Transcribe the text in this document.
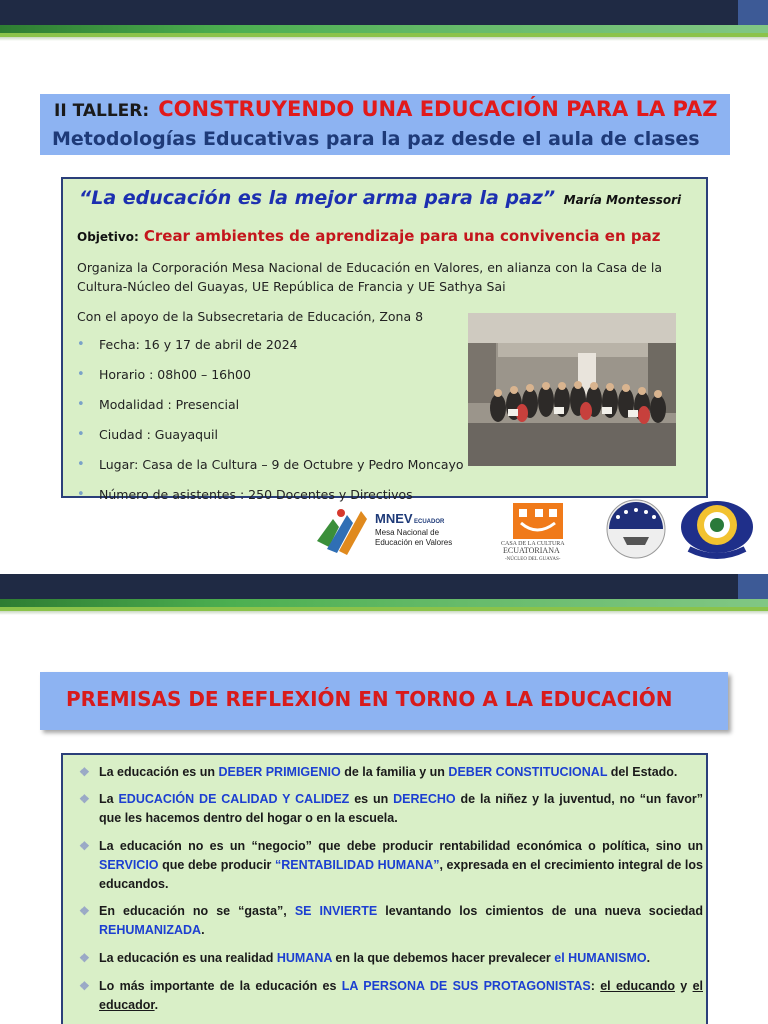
II TALLER: CONSTRUYENDO UNA EDUCACIÓN PARA LA PAZ
Metodologías Educativas para la paz desde el aula de clases
“La educación es la mejor arma para la paz” María Montessori
Objetivo: Crear ambientes de aprendizaje para una convivencia en paz
Organiza la Corporación Mesa Nacional de Educación en Valores, en alianza con la Casa de la Cultura-Núcleo del Guayas, UE República de Francia y UE Sathya Sai
Con el apoyo de la Subsecretaria de Educación, Zona 8
• Fecha: 16 y 17 de abril de 2024
• Horario : 08h00 – 16h00
• Modalidad : Presencial
• Ciudad : Guayaquil
• Lugar: Casa de la Cultura – 9 de Octubre y Pedro Moncayo
• Número de asistentes : 250 Docentes y Directivos
MNEV ECUADOR
Mesa Nacional de
Educación en Valores	CASA DE LA CULTURA
ECUATORIANA
-NÚCLEO DEL GUAYAS-
PREMISAS DE REFLEXIÓN EN TORNO A LA EDUCACIÓN
❖ La educación es un DEBER PRIMIGENIO de la familia y un DEBER CONSTITUCIONAL del Estado.
❖ La EDUCACIÓN DE CALIDAD Y CALIDEZ es un DERECHO de la niñez y la juventud, no “un favor” que les hacemos dentro del hogar o en la escuela.
❖ La educación no es un “negocio” que debe producir rentabilidad económica o política, sino un SERVICIO que debe producir “RENTABILIDAD HUMANA”, expresada en el crecimiento integral de los educandos.
❖ En educación no se “gasta”, SE INVIERTE levantando los cimientos de una nueva sociedad REHUMANIZADA.
❖ La educación es una realidad HUMANA en la que debemos hacer prevalecer el HUMANISMO.
❖ Lo más importante de la educación es LA PERSONA DE SUS PROTAGONISTAS: el educando y el educador.
